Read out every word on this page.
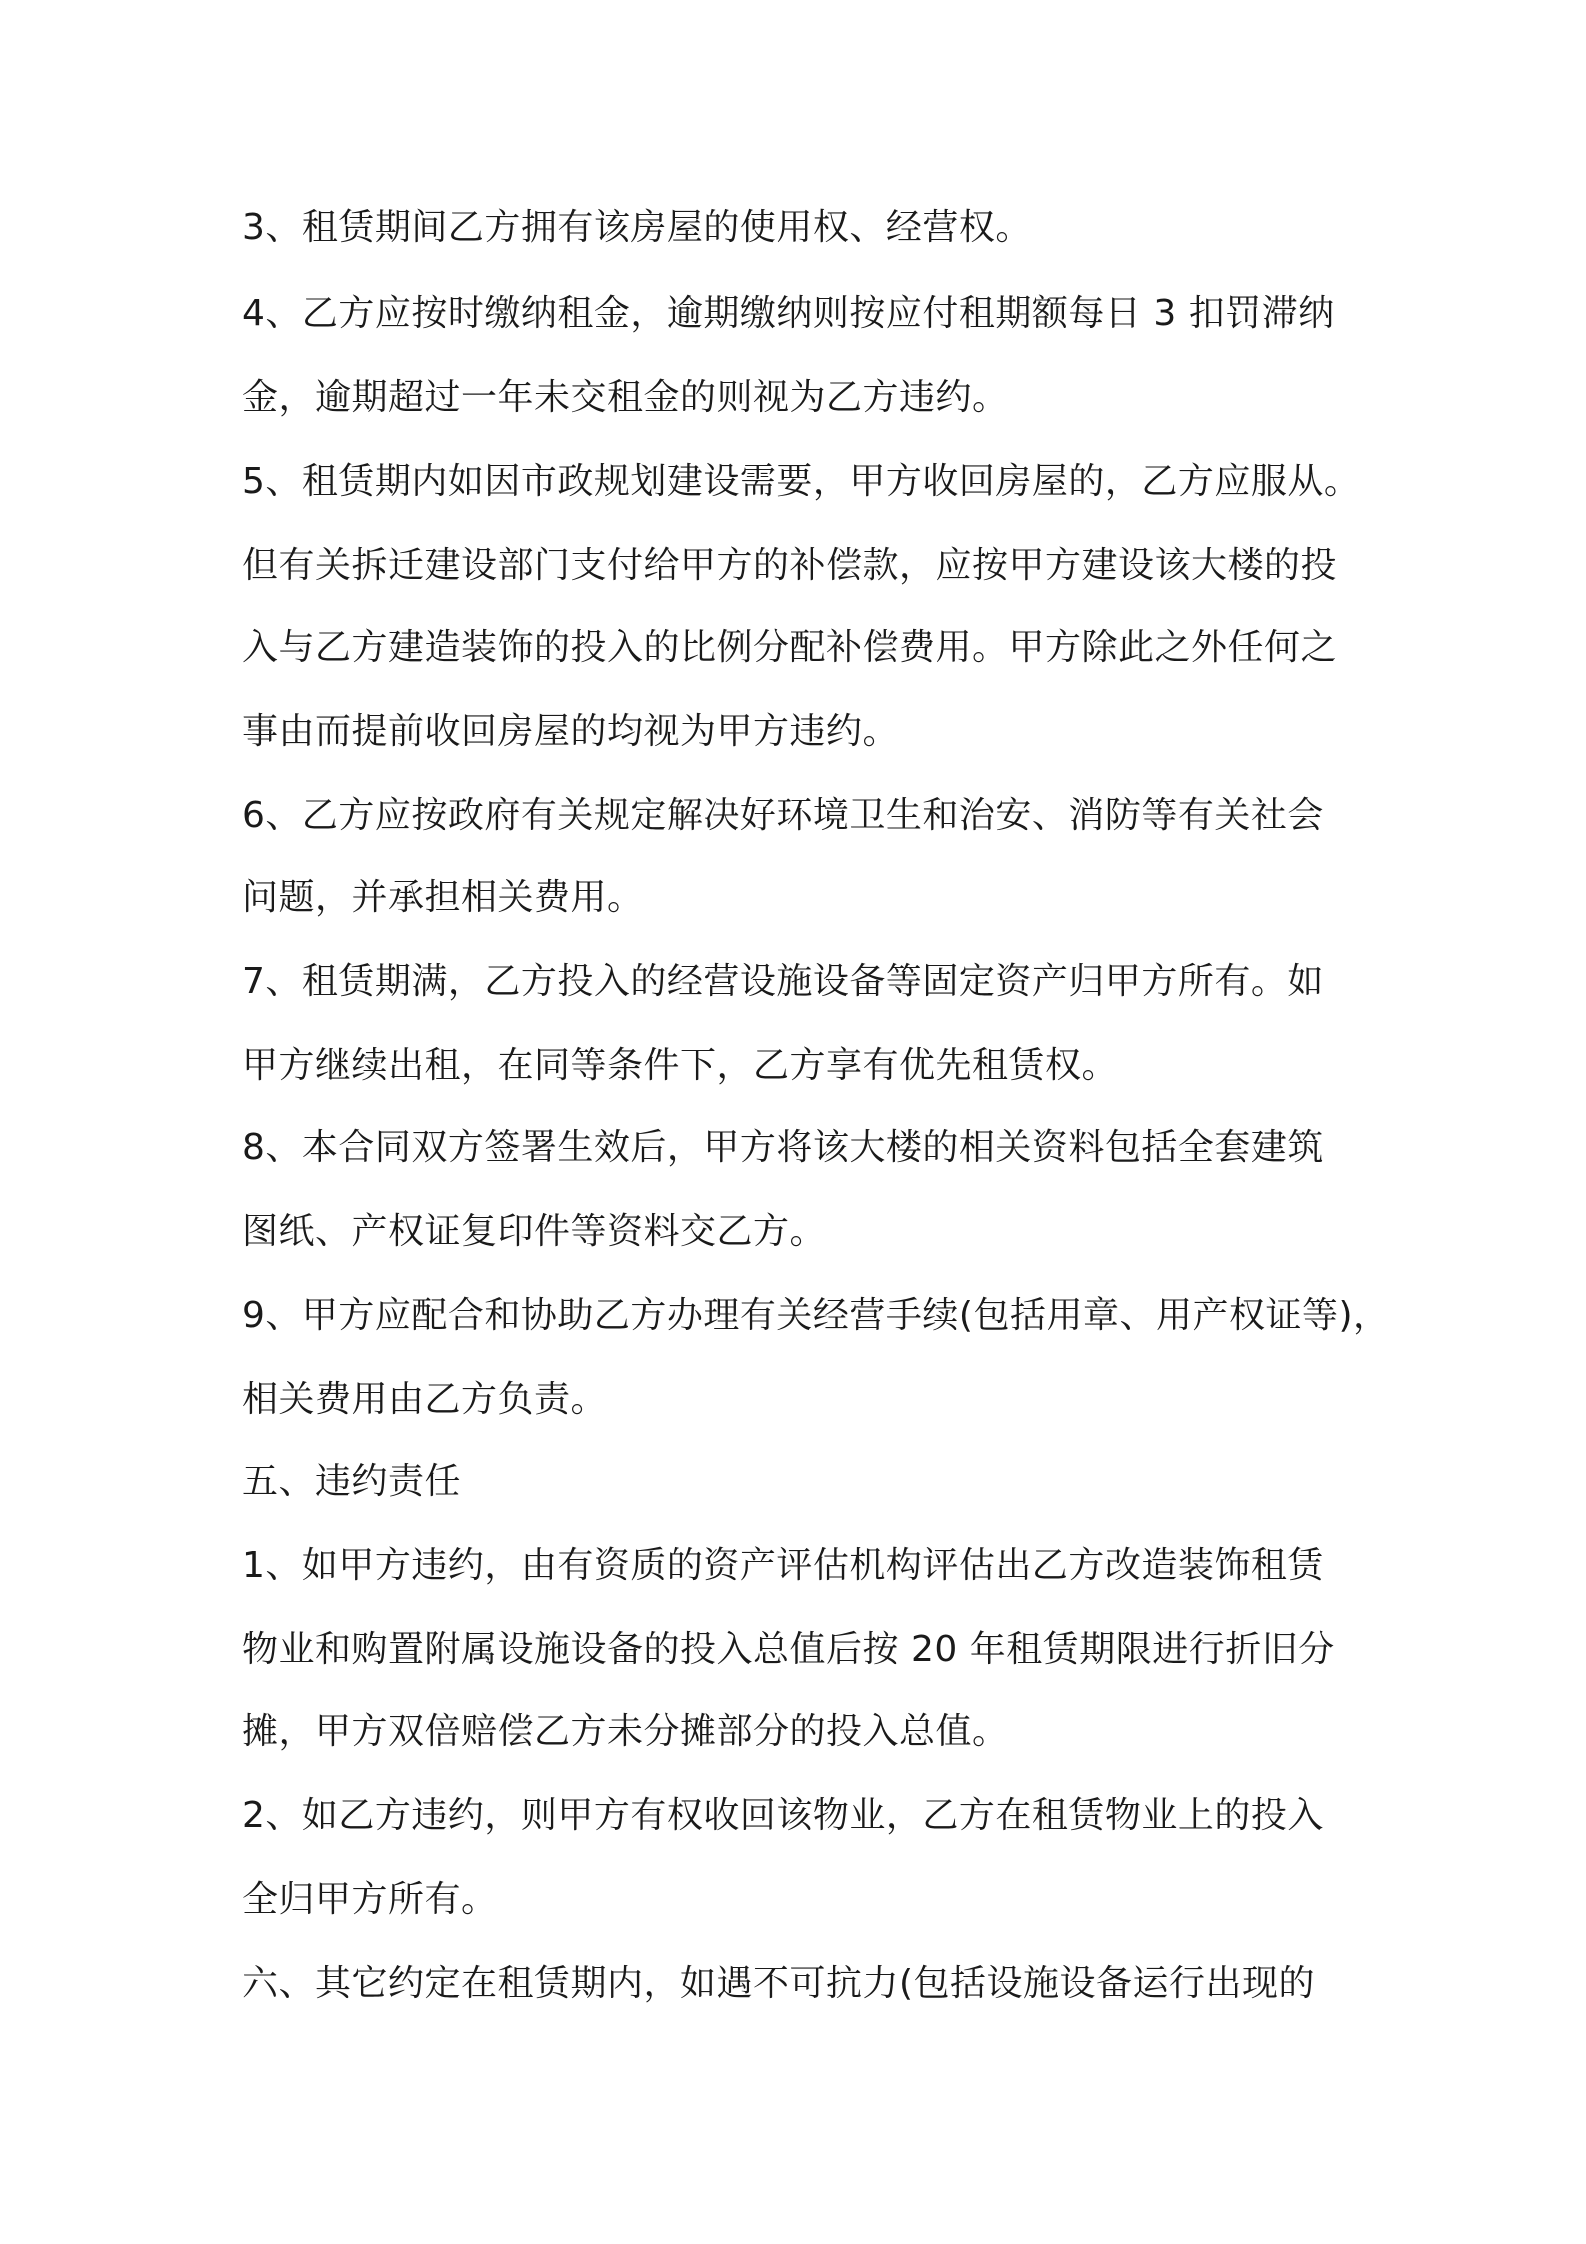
3、租赁期间乙方拥有该房屋的使用权、经营权。
4、乙方应按时缴纳租金，逾期缴纳则按应付租期额每日 3 扣罚滞纳
金，逾期超过一年未交租金的则视为乙方违约。
5、租赁期内如因市政规划建设需要，甲方收回房屋的，乙方应服从。
但有关拆迁建设部门支付给甲方的补偿款，应按甲方建设该大楼的投
入与乙方建造装饰的投入的比例分配补偿费用。甲方除此之外任何之
事由而提前收回房屋的均视为甲方违约。
6、乙方应按政府有关规定解决好环境卫生和治安、消防等有关社会
问题，并承担相关费用。
7、租赁期满，乙方投入的经营设施设备等固定资产归甲方所有。如
甲方继续出租，在同等条件下，乙方享有优先租赁权。
8、本合同双方签署生效后，甲方将该大楼的相关资料包括全套建筑
图纸、产权证复印件等资料交乙方。
9、甲方应配合和协助乙方办理有关经营手续(包括用章、用产权证等)，
相关费用由乙方负责。
五、违约责任
1、如甲方违约，由有资质的资产评估机构评估出乙方改造装饰租赁
物业和购置附属设施设备的投入总值后按 20 年租赁期限进行折旧分
摊，甲方双倍赔偿乙方未分摊部分的投入总值。
2、如乙方违约，则甲方有权收回该物业，乙方在租赁物业上的投入
全归甲方所有。
六、其它约定在租赁期内，如遇不可抗力(包括设施设备运行出现的
